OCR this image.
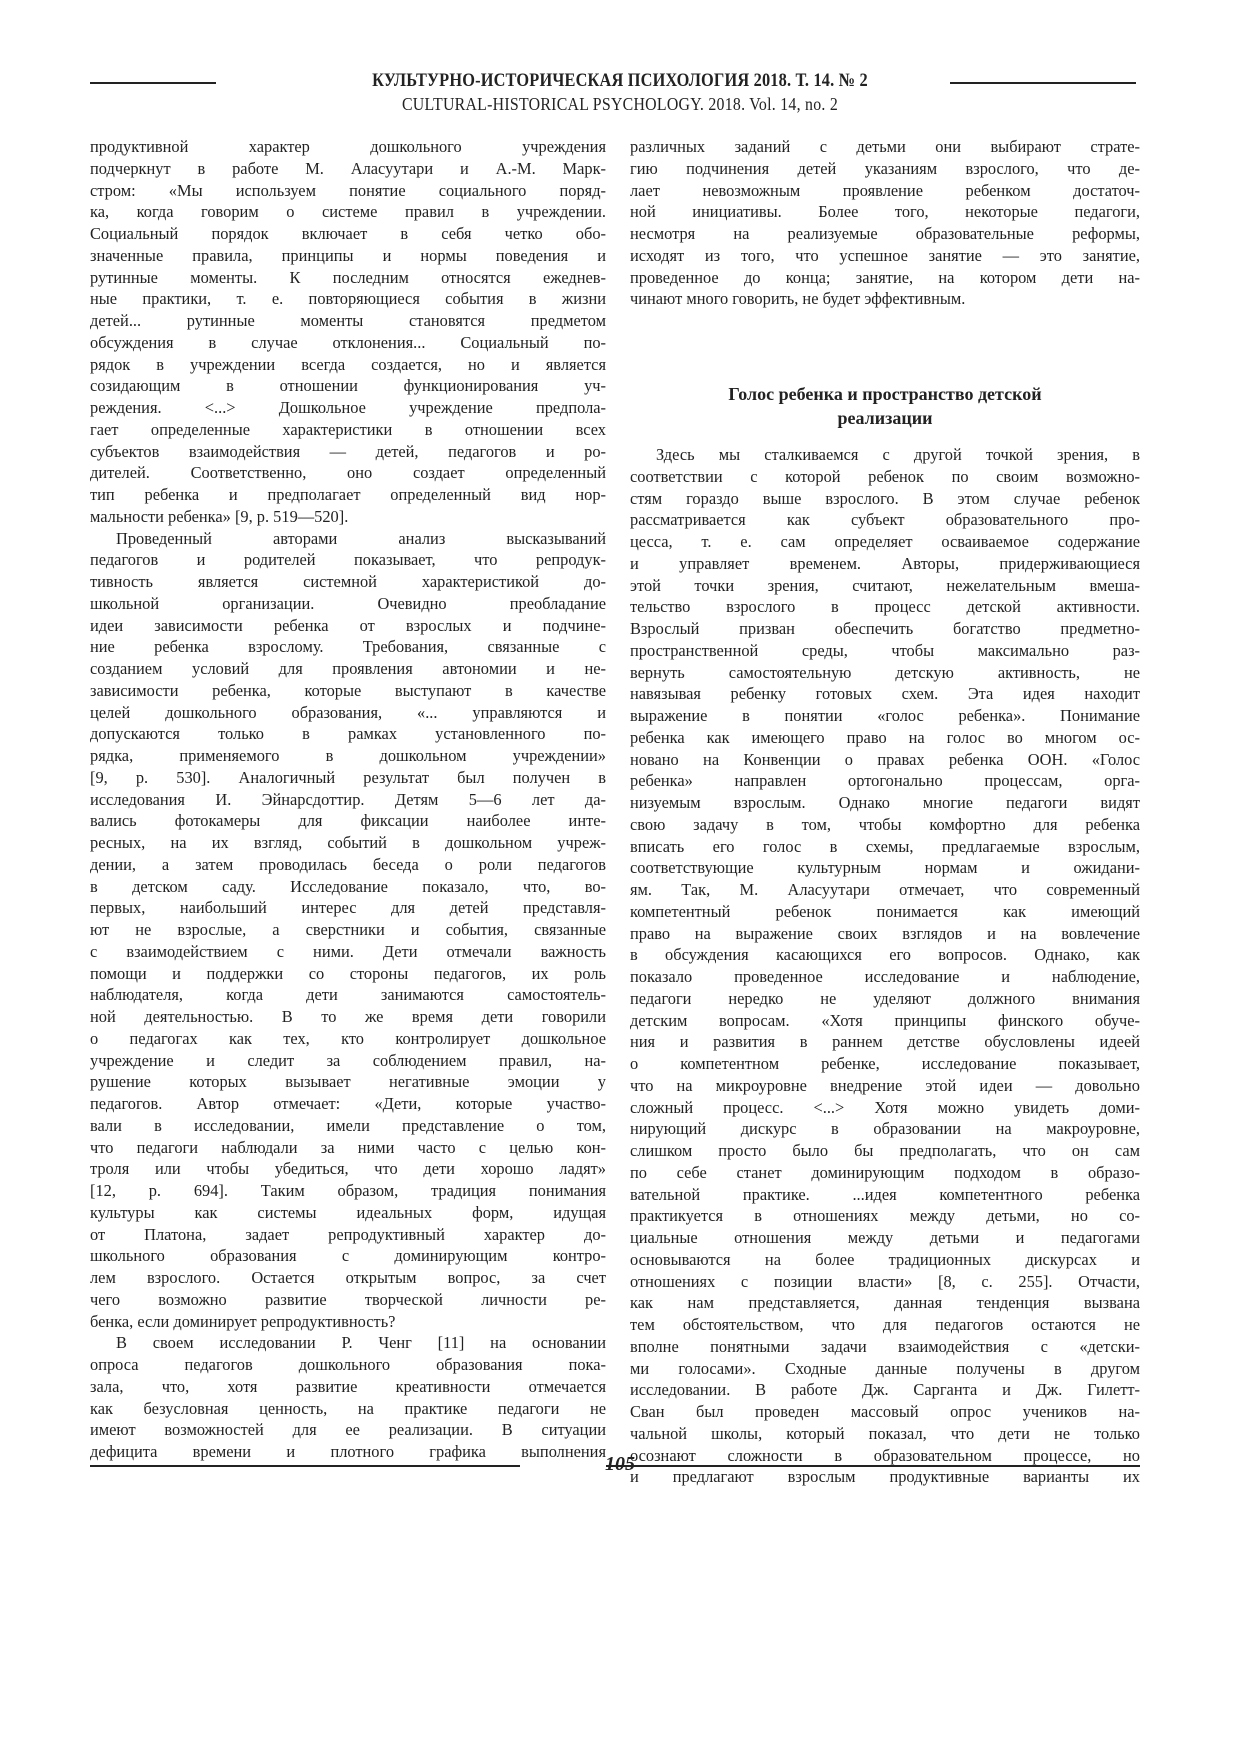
КУЛЬТУРНО-ИСТОРИЧЕСКАЯ ПСИХОЛОГИЯ 2018. Т. 14. № 2
CULTURAL-HISTORICAL PSYCHOLOGY. 2018. Vol. 14, no. 2
продуктивной характер дошкольного учреждения
подчеркнут в работе М. Аласуутари и А.-М. Марк-
стром: «Мы используем понятие социального поряд-
ка, когда говорим о системе правил в учреждении.
Социальный порядок включает в себя четко обо-
значенные правила, принципы и нормы поведения и
рутинные моменты. К последним относятся ежеднев-
ные практики, т. е. повторяющиеся события в жизни
детей... рутинные моменты становятся предметом
обсуждения в случае отклонения... Социальный по-
рядок в учреждении всегда создается, но и является
созидающим в отношении функционирования уч-
реждения. <...> Дошкольное учреждение предпола-
гает определенные характеристики в отношении всех
субъектов взаимодействия — детей, педагогов и ро-
дителей. Соответственно, оно создает определенный
тип ребенка и предполагает определенный вид нор-
мальности ребенка» [9, p. 519—520].
Проведенный авторами анализ высказываний
педагогов и родителей показывает, что репродук-
тивность является системной характеристикой до-
школьной организации. Очевидно преобладание
идеи зависимости ребенка от взрослых и подчине-
ние ребенка взрослому. Требования, связанные с
созданием условий для проявления автономии и не-
зависимости ребенка, которые выступают в качестве
целей дошкольного образования, «... управляются и
допускаются только в рамках установленного по-
рядка, применяемого в дошкольном учреждении»
[9, p. 530]. Аналогичный результат был получен в
исследования И. Эйнарсдоттир. Детям 5—6 лет да-
вались фотокамеры для фиксации наиболее инте-
ресных, на их взгляд, событий в дошкольном учреж-
дении, а затем проводилась беседа о роли педагогов
в детском саду. Исследование показало, что, во-
первых, наибольший интерес для детей представля-
ют не взрослые, а сверстники и события, связанные
с взаимодействием с ними. Дети отмечали важность
помощи и поддержки со стороны педагогов, их роль
наблюдателя, когда дети занимаются самостоятель-
ной деятельностью. В то же время дети говорили
о педагогах как тех, кто контролирует дошкольное
учреждение и следит за соблюдением правил, на-
рушение которых вызывает негативные эмоции у
педагогов. Автор отмечает: «Дети, которые участво-
вали в исследовании, имели представление о том,
что педагоги наблюдали за ними часто с целью кон-
троля или чтобы убедиться, что дети хорошо ладят»
[12, p. 694]. Таким образом, традиция понимания
культуры как системы идеальных форм, идущая
от Платона, задает репродуктивный характер до-
школьного образования с доминирующим контро-
лем взрослого. Остается открытым вопрос, за счет
чего возможно развитие творческой личности ре-
бенка, если доминирует репродуктивность?
В своем исследовании Р. Ченг [11] на основании
опроса педагогов дошкольного образования пока-
зала, что, хотя развитие креативности отмечается
как безусловная ценность, на практике педагоги не
имеют возможностей для ее реализации. В ситуации
дефицита времени и плотного графика выполнения
различных заданий с детьми они выбирают страте-
гию подчинения детей указаниям взрослого, что де-
лает невозможным проявление ребенком достаточ-
ной инициативы. Более того, некоторые педагоги,
несмотря на реализуемые образовательные реформы,
исходят из того, что успешное занятие — это занятие,
проведенное до конца; занятие, на котором дети на-
чинают много говорить, не будет эффективным.
Голос ребенка и пространство детской
реализации
Здесь мы сталкиваемся с другой точкой зрения, в
соответствии с которой ребенок по своим возможно-
стям гораздо выше взрослого. В этом случае ребенок
рассматривается как субъект образовательного про-
цесса, т. е. сам определяет осваиваемое содержание
и управляет временем. Авторы, придерживающиеся
этой точки зрения, считают, нежелательным вмеша-
тельство взрослого в процесс детской активности.
Взрослый призван обеспечить богатство предметно-
пространственной среды, чтобы максимально раз-
вернуть самостоятельную детскую активность, не
навязывая ребенку готовых схем. Эта идея находит
выражение в понятии «голос ребенка». Понимание
ребенка как имеющего право на голос во многом ос-
новано на Конвенции о правах ребенка ООН. «Голос
ребенка» направлен ортогонально процессам, орга-
низуемым взрослым. Однако многие педагоги видят
свою задачу в том, чтобы комфортно для ребенка
вписать его голос в схемы, предлагаемые взрослым,
соответствующие культурным нормам и ожидани-
ям. Так, М. Аласуутари отмечает, что современный
компетентный ребенок понимается как имеющий
право на выражение своих взглядов и на вовлечение
в обсуждения касающихся его вопросов. Однако, как
показало проведенное исследование и наблюдение,
педагоги нередко не уделяют должного внимания
детским вопросам. «Хотя принципы финского обуче-
ния и развития в раннем детстве обусловлены идеей
о компетентном ребенке, исследование показывает,
что на микроуровне внедрение этой идеи — довольно
сложный процесс. <...> Хотя можно увидеть доми-
нирующий дискурс в образовании на макроуровне,
слишком просто было бы предполагать, что он сам
по себе станет доминирующим подходом в образо-
вательной практике. ...идея компетентного ребенка
практикуется в отношениях между детьми, но со-
циальные отношения между детьми и педагогами
основываются на более традиционных дискурсах и
отношениях с позиции власти» [8, с. 255]. Отчасти,
как нам представляется, данная тенденция вызвана
тем обстоятельством, что для педагогов остаются не
вполне понятными задачи взаимодействия с «детски-
ми голосами». Сходные данные получены в другом
исследовании. В работе Дж. Сарганта и Дж. Гилетт-
Сван был проведен массовый опрос учеников на-
чальной школы, который показал, что дети не только
осознают сложности в образовательном процессе, но
и предлагают взрослым продуктивные варианты их
105
